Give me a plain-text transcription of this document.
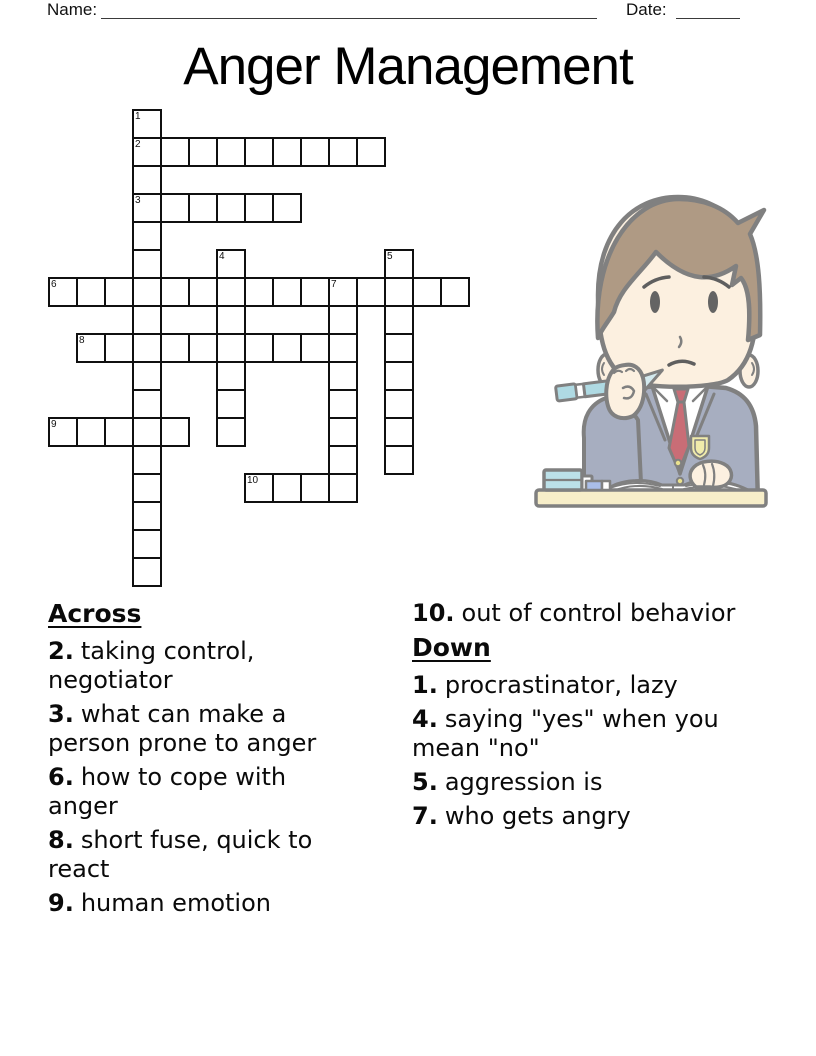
Name:	Date:
Anger Management
1
2
3
4	5
6	7
8
9
10
Across
2. taking control, negotiator
3. what can make a person prone to anger
6. how to cope with anger
8. short fuse, quick to react
9. human emotion
10. out of control behavior
Down
1. procrastinator, lazy
4. saying "yes" when you mean "no"
5. aggression is
7. who gets angry
